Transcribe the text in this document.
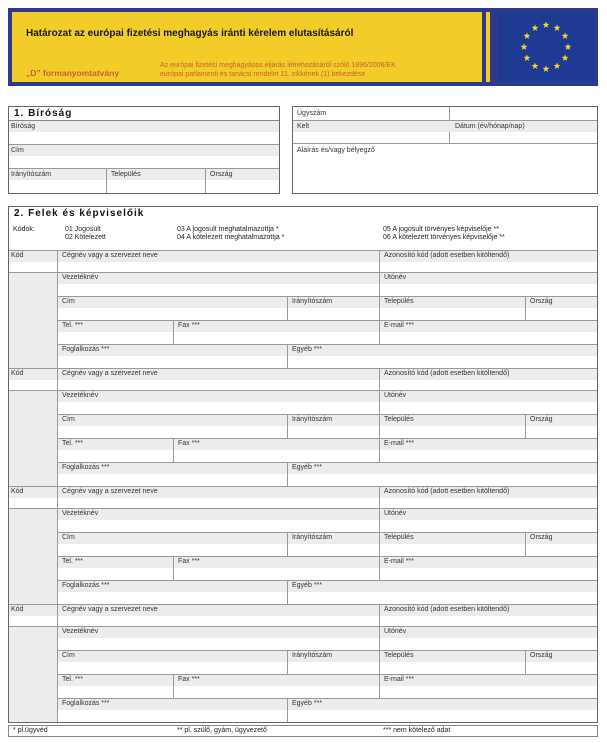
Határozat az európai fizetési meghagyás iránti kérelem elutasításáról
„D” formanyomtatvány
Az európai fizetési meghagyásos eljárás létrehozásáról szóló 1896/2006/EK
európai parlamenti és tanácsi rendelet 11. cikkének (1) bekezdése
1. Bíróság
Bíróság
Cím
Irányítószám	Település	Ország
Ügyszám
Kelt	Dátum (év/hónap/nap)
Aláírás és/vagy bélyegző
2. Felek és képviselőik
Kódok:	01 Jogosult
02 Kötelezett
03 A jogosult meghatalmazottja *
04 A kötelezett meghatalmazottja *
05 A jogosult törvényes képviselője **
06 A kötelezett törvényes képviselője **
Kód	Cégnév vagy a szervezet neve	Azonosító kód (adott esetben kitöltendő)
Vezetéknév	Utónév
Cím	Irányítószám	Település	Ország
Tel. ***	Fax ***	E-mail ***
Foglalkozás ***	Egyéb ***
Kód	Cégnév vagy a szervezet neve	Azonosító kód (adott esetben kitöltendő)
Vezetéknév	Utónév
Cím	Irányítószám	Település	Ország
Tel. ***	Fax ***	E-mail ***
Foglalkozás ***	Egyéb ***
Kód	Cégnév vagy a szervezet neve	Azonosító kód (adott esetben kitöltendő)
Vezetéknév	Utónév
Cím	Irányítószám	Település	Ország
Tel. ***	Fax ***	E-mail ***
Foglalkozás ***	Egyéb ***
Kód	Cégnév vagy a szervezet neve	Azonosító kód (adott esetben kitöltendő)
Vezetéknév	Utónév
Cím	Irányítószám	Település	Ország
Tel. ***	Fax ***	E-mail ***
Foglalkozás ***	Egyéb ***
* pl.ügyvéd	** pl. szülő, gyám, ügyvezető	*** nem kötelező adat
